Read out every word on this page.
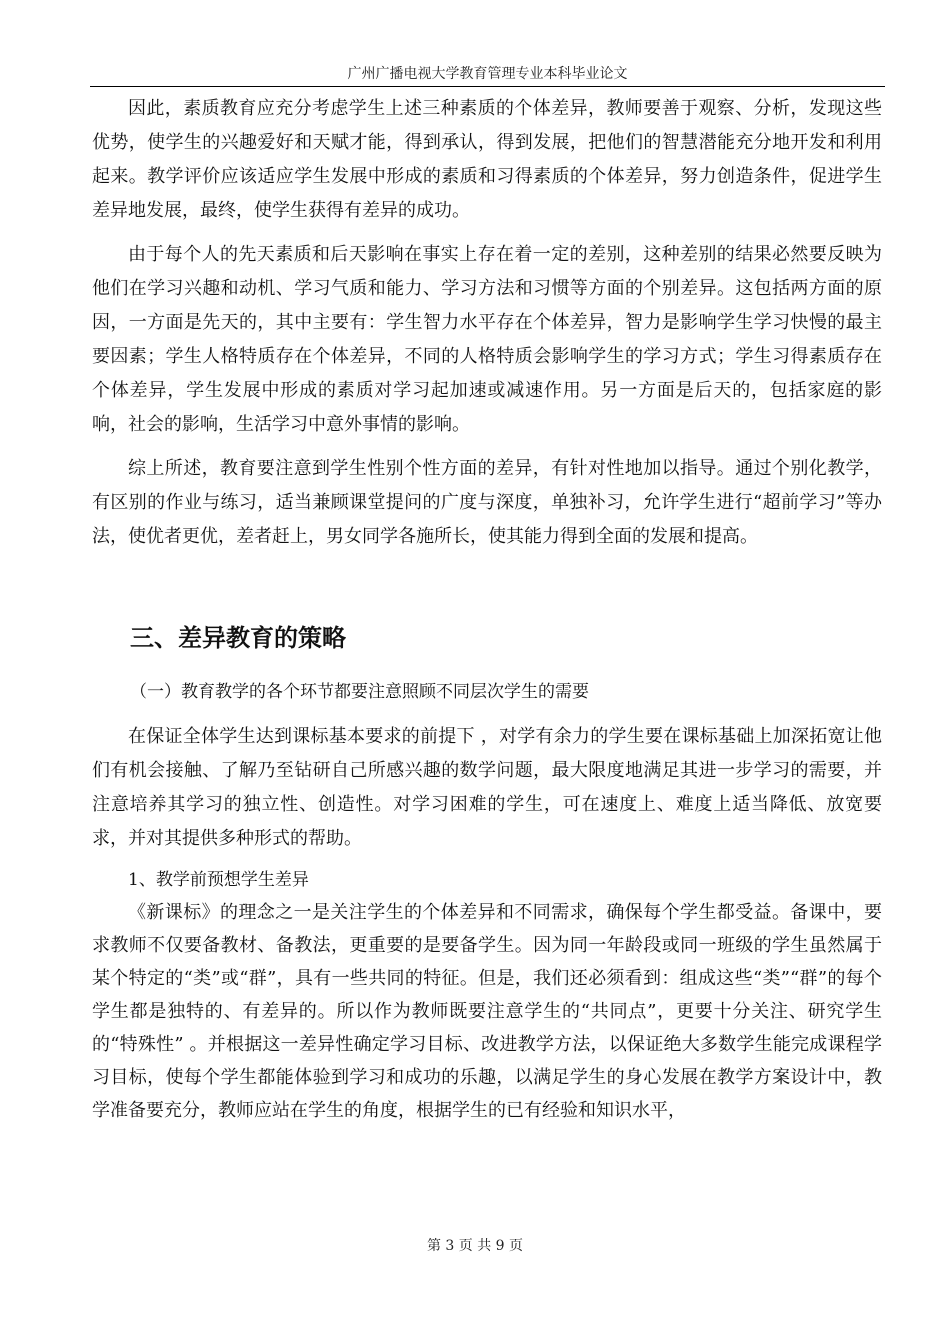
广州广播电视大学教育管理专业本科毕业论文

因此，素质教育应充分考虑学生上述三种素质的个体差异，教师要善于观察、分析，发现这些优势，使学生的兴趣爱好和天赋才能，得到承认，得到发展，把他们的智慧潜能充分地开发和利用起来。教学评价应该适应学生发展中形成的素质和习得素质的个体差异，努力创造条件，促进学生差异地发展，最终，使学生获得有差异的成功。

由于每个人的先天素质和后天影响在事实上存在着一定的差别，这种差别的结果必然要反映为他们在学习兴趣和动机、学习气质和能力、学习方法和习惯等方面的个别差异。这包括两方面的原因，一方面是先天的，其中主要有：学生智力水平存在个体差异，智力是影响学生学习快慢的最主要因素；学生人格特质存在个体差异，不同的人格特质会影响学生的学习方式；学生习得素质存在个体差异，学生发展中形成的素质对学习起加速或减速作用。另一方面是后天的，包括家庭的影响，社会的影响，生活学习中意外事情的影响。

综上所述，教育要注意到学生性别个性方面的差异，有针对性地加以指导。通过个别化教学，有区别的作业与练习，适当兼顾课堂提问的广度与深度，单独补习，允许学生进行“超前学习”等办法，使优者更优，差者赶上，男女同学各施所长，使其能力得到全面的发展和提高。

三、差异教育的策略
（一）教育教学的各个环节都要注意照顾不同层次学生的需要

在保证全体学生达到课标基本要求的前提下 ，对学有余力的学生要在课标基础上加深拓宽让他们有机会接触、了解乃至钻研自己所感兴趣的数学问题，最大限度地满足其进一步学习的需要，并注意培养其学习的独立性、创造性。对学习困难的学生，可在速度上、难度上适当降低、放宽要求，并对其提供多种形式的帮助。

1、教学前预想学生差异

《新课标》的理念之一是关注学生的个体差异和不同需求，确保每个学生都受益。备课中，要求教师不仅要备教材、备教法，更重要的是要备学生。因为同一年龄段或同一班级的学生虽然属于某个特定的“类”或“群”，具有一些共同的特征。但是，我们还必须看到：组成这些“类”“群”的每个学生都是独特的、有差异的。所以作为教师既要注意学生的“共同点”，更要十分关注、研究学生的“特殊性” 。并根据这一差异性确定学习目标、改进教学方法，以保证绝大多数学生能完成课程学习目标，使每个学生都能体验到学习和成功的乐趣，以满足学生的身心发展在教学方案设计中，教学准备要充分，教师应站在学生的角度，根据学生的已有经验和知识水平，

第 3 页 共 9 页
